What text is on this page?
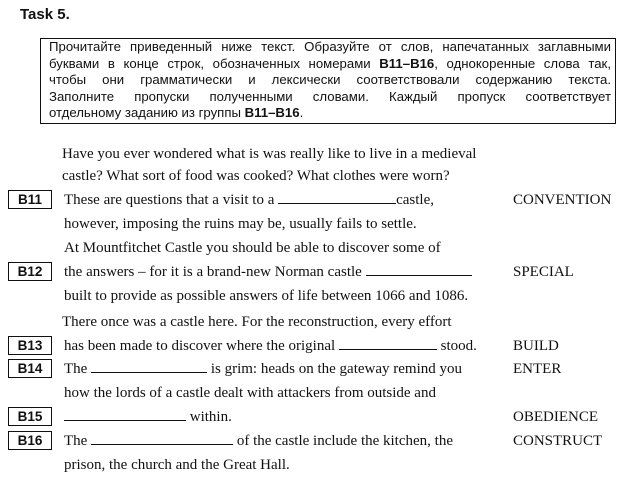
Task 5.
Прочитайте приведенный ниже текст. Образуйте от слов, напечатанных заглавными
буквами в конце строк, обозначенных номерами B11–B16, однокоренные слова так,
чтобы они грамматически и лексически соответствовали содержанию текста.
Заполните пропуски полученными словами. Каждый пропуск соответствует
отдельному заданию из группы B11–B16.
Have you ever wondered what is was really like to live in a medieval
castle? What sort of food was cooked? What clothes were worn?
B11	These are questions that a visit to a	castle,	CONVENTION
however, imposing the ruins may be, usually fails to settle.
At Mountfitchet Castle you should be able to discover some of
B12	the answers – for it is a brand-new Norman castle	SPECIAL
built to provide as possible answers of life between 1066 and 1086.
There once was a castle here. For the reconstruction, every effort
B13	has been made to discover where the original	stood. BUILD
B14	The	is grim: heads on the gateway remind you	ENTER
how the lords of a castle dealt with attackers from outside and
B15	within.	OBEDIENCE
B16	The	of the castle include the kitchen, the	CONSTRUCT
prison, the church and the Great Hall.
